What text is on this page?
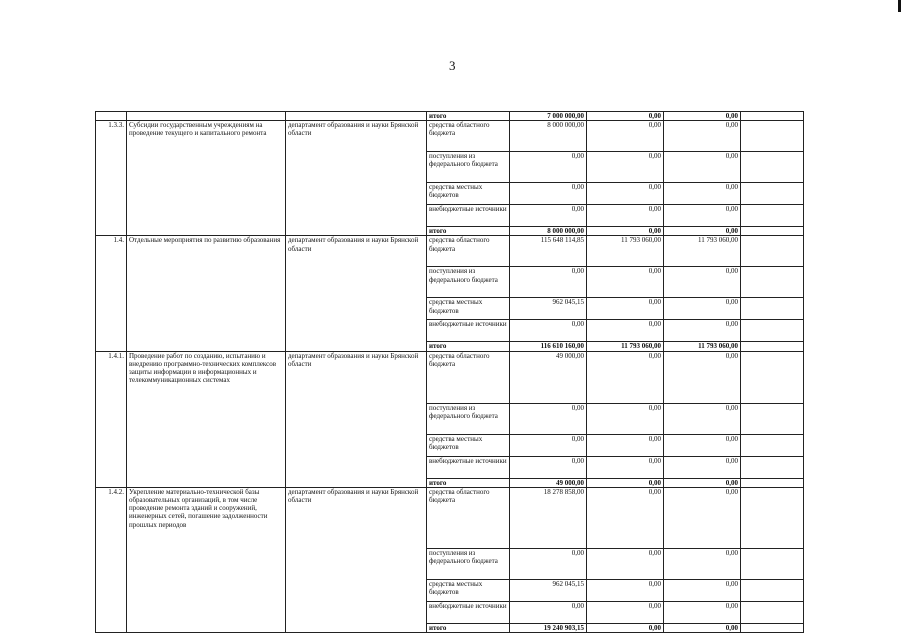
3
			итого	7 000 000,00	0,00	0,00	
1.3.3.	Субсидии государственным учреждениям на проведение текущего и капитального ремонта	департамент образования и науки Брянской области	средства областного бюджета	8 000 000,00	0,00	0,00	
			поступления из федерального бюджета	0,00	0,00	0,00	
			средства местных бюджетов	0,00	0,00	0,00	
			внебюджетные источники	0,00	0,00	0,00	
			итого	8 000 000,00	0,00	0,00	
1.4.	Отдельные мероприятия по развитию образования	департамент образования и науки Брянской области	средства областного бюджета	115 648 114,85	11 793 060,00	11 793 060,00	
			поступления из федерального бюджета	0,00	0,00	0,00	
			средства местных бюджетов	962 045,15	0,00	0,00	
			внебюджетные источники	0,00	0,00	0,00	
			итого	116 610 160,00	11 793 060,00	11 793 060,00	
1.4.1.	Проведение работ по созданию, испытанию и внедрению программно-технических комплексов защиты информации в информационных и телекоммуникационных системах	департамент образования и науки Брянской области	средства областного бюджета	49 000,00	0,00	0,00	
			поступления из федерального бюджета	0,00	0,00	0,00	
			средства местных бюджетов	0,00	0,00	0,00	
			внебюджетные источники	0,00	0,00	0,00	
			итого	49 000,00	0,00	0,00	
1.4.2.	Укрепление материально-технической базы образовательных организаций, в том числе проведение ремонта зданий и сооружений, инженерных сетей, погашение задолженности прошлых периодов	департамент образования и науки Брянской области	средства областного бюджета	18 278 858,00	0,00	0,00	
			поступления из федерального бюджета	0,00	0,00	0,00	
			средства местных бюджетов	962 045,15	0,00	0,00	
			внебюджетные источники	0,00	0,00	0,00	
			итого	19 240 903,15	0,00	0,00	
